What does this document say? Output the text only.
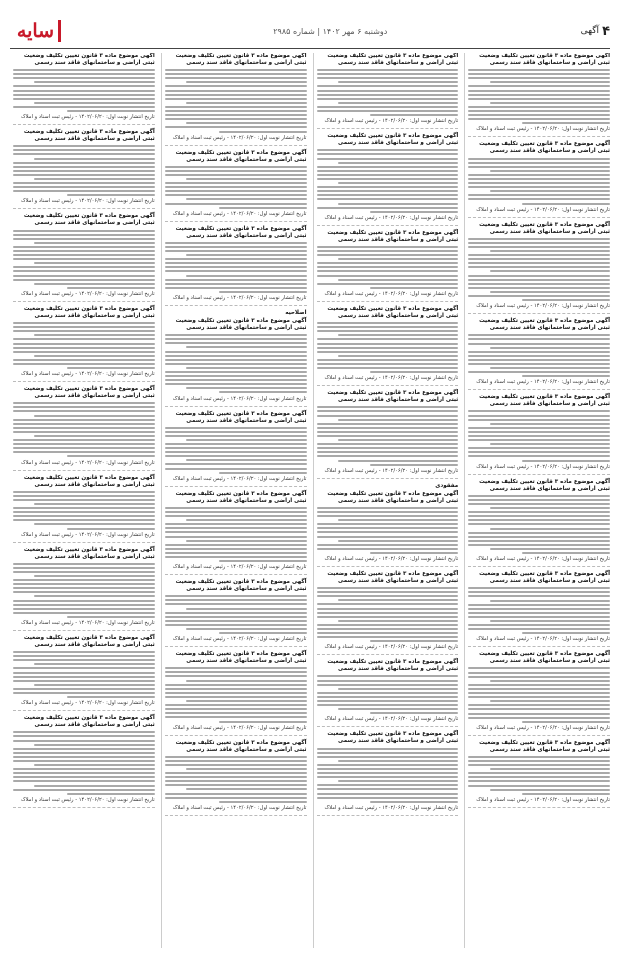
سایه	دوشنبه ۶ مهر ۱۴۰۲ | شماره ۲۹۸۵	آگهی ۴
آگهی موضوع ماده ۳ قانون تعیین تکلیف وضعیت ثبتی اراضی و ساختمانهای فاقد سند رسمی
تاریخ انتشار نوبت اول: ۱۴۰۲/۰۶/۲۰ - رئیس ثبت اسناد و املاک
آگهی موضوع ماده ۳ قانون تعیین تکلیف وضعیت ثبتی اراضی و ساختمانهای فاقد سند رسمی
تاریخ انتشار نوبت اول: ۱۴۰۲/۰۶/۲۰ - رئیس ثبت اسناد و املاک
آگهی موضوع ماده ۳ قانون تعیین تکلیف وضعیت ثبتی اراضی و ساختمانهای فاقد سند رسمی
تاریخ انتشار نوبت اول: ۱۴۰۲/۰۶/۲۰ - رئیس ثبت اسناد و املاک
آگهی موضوع ماده ۳ قانون تعیین تکلیف وضعیت ثبتی اراضی و ساختمانهای فاقد سند رسمی
تاریخ انتشار نوبت اول: ۱۴۰۲/۰۶/۲۰ - رئیس ثبت اسناد و املاک
آگهی موضوع ماده ۳ قانون تعیین تکلیف وضعیت ثبتی اراضی و ساختمانهای فاقد سند رسمی
تاریخ انتشار نوبت اول: ۱۴۰۲/۰۶/۲۰ - رئیس ثبت اسناد و املاک
آگهی موضوع ماده ۳ قانون تعیین تکلیف وضعیت ثبتی اراضی و ساختمانهای فاقد سند رسمی
تاریخ انتشار نوبت اول: ۱۴۰۲/۰۶/۲۰ - رئیس ثبت اسناد و املاک
آگهی موضوع ماده ۳ قانون تعیین تکلیف وضعیت ثبتی اراضی و ساختمانهای فاقد سند رسمی
تاریخ انتشار نوبت اول: ۱۴۰۲/۰۶/۲۰ - رئیس ثبت اسناد و املاک
آگهی موضوع ماده ۳ قانون تعیین تکلیف وضعیت ثبتی اراضی و ساختمانهای فاقد سند رسمی
تاریخ انتشار نوبت اول: ۱۴۰۲/۰۶/۲۰ - رئیس ثبت اسناد و املاک
آگهی موضوع ماده ۳ قانون تعیین تکلیف وضعیت ثبتی اراضی و ساختمانهای فاقد سند رسمی
تاریخ انتشار نوبت اول: ۱۴۰۲/۰۶/۲۰ - رئیس ثبت اسناد و املاک
آگهی موضوع ماده ۳ قانون تعیین تکلیف وضعیت ثبتی اراضی و ساختمانهای فاقد سند رسمی
تاریخ انتشار نوبت اول: ۱۴۰۲/۰۶/۲۰ - رئیس ثبت اسناد و املاک
آگهی موضوع ماده ۳ قانون تعیین تکلیف وضعیت ثبتی اراضی و ساختمانهای فاقد سند رسمی
تاریخ انتشار نوبت اول: ۱۴۰۲/۰۶/۲۰ - رئیس ثبت اسناد و املاک
آگهی موضوع ماده ۳ قانون تعیین تکلیف وضعیت ثبتی اراضی و ساختمانهای فاقد سند رسمی
تاریخ انتشار نوبت اول: ۱۴۰۲/۰۶/۲۰ - رئیس ثبت اسناد و املاک
آگهی موضوع ماده ۳ قانون تعیین تکلیف وضعیت ثبتی اراضی و ساختمانهای فاقد سند رسمی
تاریخ انتشار نوبت اول: ۱۴۰۲/۰۶/۲۰ - رئیس ثبت اسناد و املاک
آگهی موضوع ماده ۳ قانون تعیین تکلیف وضعیت ثبتی اراضی و ساختمانهای فاقد سند رسمی
تاریخ انتشار نوبت اول: ۱۴۰۲/۰۶/۲۰ - رئیس ثبت اسناد و املاک
مفقودی
آگهی موضوع ماده ۳ قانون تعیین تکلیف وضعیت ثبتی اراضی و ساختمانهای فاقد سند رسمی
تاریخ انتشار نوبت اول: ۱۴۰۲/۰۶/۲۰ - رئیس ثبت اسناد و املاک
آگهی موضوع ماده ۳ قانون تعیین تکلیف وضعیت ثبتی اراضی و ساختمانهای فاقد سند رسمی
تاریخ انتشار نوبت اول: ۱۴۰۲/۰۶/۲۰ - رئیس ثبت اسناد و املاک
آگهی موضوع ماده ۳ قانون تعیین تکلیف وضعیت ثبتی اراضی و ساختمانهای فاقد سند رسمی
تاریخ انتشار نوبت اول: ۱۴۰۲/۰۶/۲۰ - رئیس ثبت اسناد و املاک
آگهی موضوع ماده ۳ قانون تعیین تکلیف وضعیت ثبتی اراضی و ساختمانهای فاقد سند رسمی
تاریخ انتشار نوبت اول: ۱۴۰۲/۰۶/۲۰ - رئیس ثبت اسناد و املاک
آگهی موضوع ماده ۳ قانون تعیین تکلیف وضعیت ثبتی اراضی و ساختمانهای فاقد سند رسمی
تاریخ انتشار نوبت اول: ۱۴۰۲/۰۶/۲۰ - رئیس ثبت اسناد و املاک
آگهی موضوع ماده ۳ قانون تعیین تکلیف وضعیت ثبتی اراضی و ساختمانهای فاقد سند رسمی
تاریخ انتشار نوبت اول: ۱۴۰۲/۰۶/۲۰ - رئیس ثبت اسناد و املاک
آگهی موضوع ماده ۳ قانون تعیین تکلیف وضعیت ثبتی اراضی و ساختمانهای فاقد سند رسمی
تاریخ انتشار نوبت اول: ۱۴۰۲/۰۶/۲۰ - رئیس ثبت اسناد و املاک
اصلاحیه
آگهی موضوع ماده ۳ قانون تعیین تکلیف وضعیت ثبتی اراضی و ساختمانهای فاقد سند رسمی
تاریخ انتشار نوبت اول: ۱۴۰۲/۰۶/۲۰ - رئیس ثبت اسناد و املاک
آگهی موضوع ماده ۳ قانون تعیین تکلیف وضعیت ثبتی اراضی و ساختمانهای فاقد سند رسمی
تاریخ انتشار نوبت اول: ۱۴۰۲/۰۶/۲۰ - رئیس ثبت اسناد و املاک
آگهی موضوع ماده ۳ قانون تعیین تکلیف وضعیت ثبتی اراضی و ساختمانهای فاقد سند رسمی
تاریخ انتشار نوبت اول: ۱۴۰۲/۰۶/۲۰ - رئیس ثبت اسناد و املاک
آگهی موضوع ماده ۳ قانون تعیین تکلیف وضعیت ثبتی اراضی و ساختمانهای فاقد سند رسمی
تاریخ انتشار نوبت اول: ۱۴۰۲/۰۶/۲۰ - رئیس ثبت اسناد و املاک
آگهی موضوع ماده ۳ قانون تعیین تکلیف وضعیت ثبتی اراضی و ساختمانهای فاقد سند رسمی
تاریخ انتشار نوبت اول: ۱۴۰۲/۰۶/۲۰ - رئیس ثبت اسناد و املاک
آگهی موضوع ماده ۳ قانون تعیین تکلیف وضعیت ثبتی اراضی و ساختمانهای فاقد سند رسمی
تاریخ انتشار نوبت اول: ۱۴۰۲/۰۶/۲۰ - رئیس ثبت اسناد و املاک
آگهی موضوع ماده ۳ قانون تعیین تکلیف وضعیت ثبتی اراضی و ساختمانهای فاقد سند رسمی
تاریخ انتشار نوبت اول: ۱۴۰۲/۰۶/۲۰ - رئیس ثبت اسناد و املاک
آگهی موضوع ماده ۳ قانون تعیین تکلیف وضعیت ثبتی اراضی و ساختمانهای فاقد سند رسمی
تاریخ انتشار نوبت اول: ۱۴۰۲/۰۶/۲۰ - رئیس ثبت اسناد و املاک
آگهی موضوع ماده ۳ قانون تعیین تکلیف وضعیت ثبتی اراضی و ساختمانهای فاقد سند رسمی
تاریخ انتشار نوبت اول: ۱۴۰۲/۰۶/۲۰ - رئیس ثبت اسناد و املاک
آگهی موضوع ماده ۳ قانون تعیین تکلیف وضعیت ثبتی اراضی و ساختمانهای فاقد سند رسمی
تاریخ انتشار نوبت اول: ۱۴۰۲/۰۶/۲۰ - رئیس ثبت اسناد و املاک
آگهی موضوع ماده ۳ قانون تعیین تکلیف وضعیت ثبتی اراضی و ساختمانهای فاقد سند رسمی
تاریخ انتشار نوبت اول: ۱۴۰۲/۰۶/۲۰ - رئیس ثبت اسناد و املاک
آگهی موضوع ماده ۳ قانون تعیین تکلیف وضعیت ثبتی اراضی و ساختمانهای فاقد سند رسمی
تاریخ انتشار نوبت اول: ۱۴۰۲/۰۶/۲۰ - رئیس ثبت اسناد و املاک
آگهی موضوع ماده ۳ قانون تعیین تکلیف وضعیت ثبتی اراضی و ساختمانهای فاقد سند رسمی
تاریخ انتشار نوبت اول: ۱۴۰۲/۰۶/۲۰ - رئیس ثبت اسناد و املاک
آگهی موضوع ماده ۳ قانون تعیین تکلیف وضعیت ثبتی اراضی و ساختمانهای فاقد سند رسمی
تاریخ انتشار نوبت اول: ۱۴۰۲/۰۶/۲۰ - رئیس ثبت اسناد و املاک
آگهی موضوع ماده ۳ قانون تعیین تکلیف وضعیت ثبتی اراضی و ساختمانهای فاقد سند رسمی
تاریخ انتشار نوبت اول: ۱۴۰۲/۰۶/۲۰ - رئیس ثبت اسناد و املاک
